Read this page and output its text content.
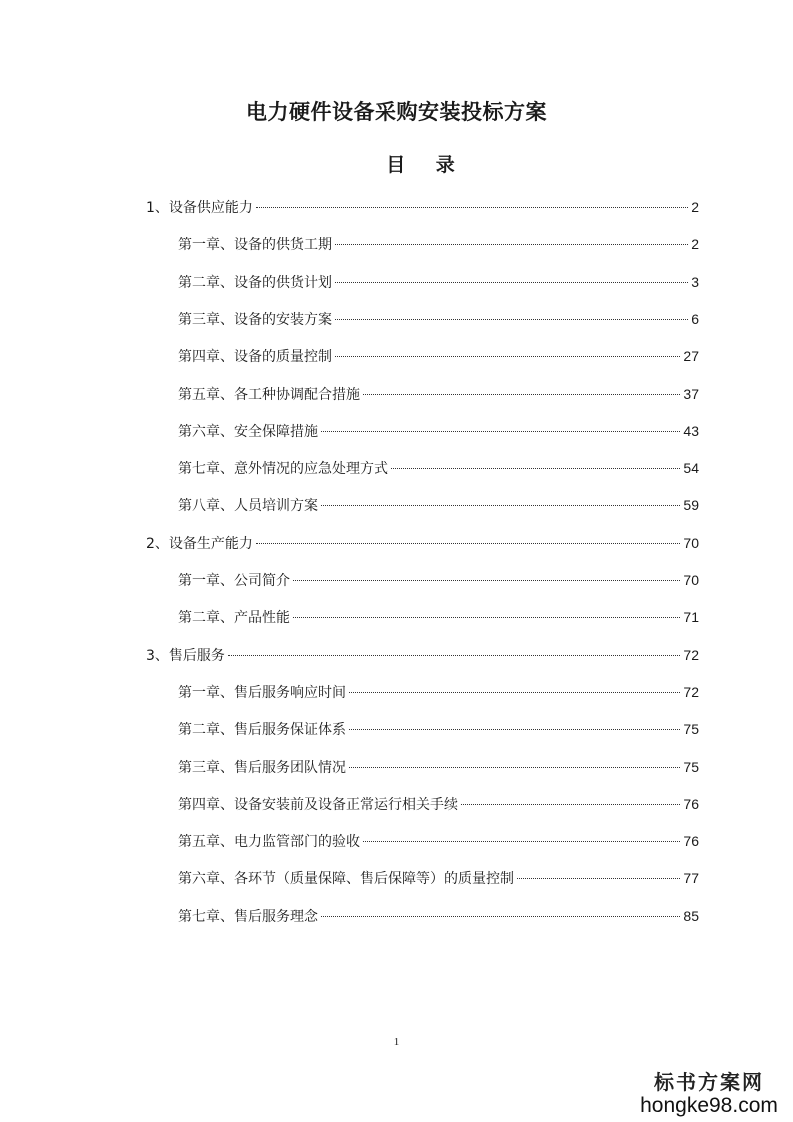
电力硬件设备采购安装投标方案
目 录
1、设备供应能力	2
第一章、设备的供货工期	2
第二章、设备的供货计划	3
第三章、设备的安装方案	6
第四章、设备的质量控制	27
第五章、各工种协调配合措施	37
第六章、安全保障措施	43
第七章、意外情况的应急处理方式	54
第八章、人员培训方案	59
2、设备生产能力	70
第一章、公司简介	70
第二章、产品性能	71
3、售后服务	72
第一章、售后服务响应时间	72
第二章、售后服务保证体系	75
第三章、售后服务团队情况	75
第四章、设备安装前及设备正常运行相关手续	76
第五章、电力监管部门的验收	76
第六章、各环节（质量保障、售后保障等）的质量控制	77
第七章、售后服务理念	85
1
标书方案网
hongke98.com
